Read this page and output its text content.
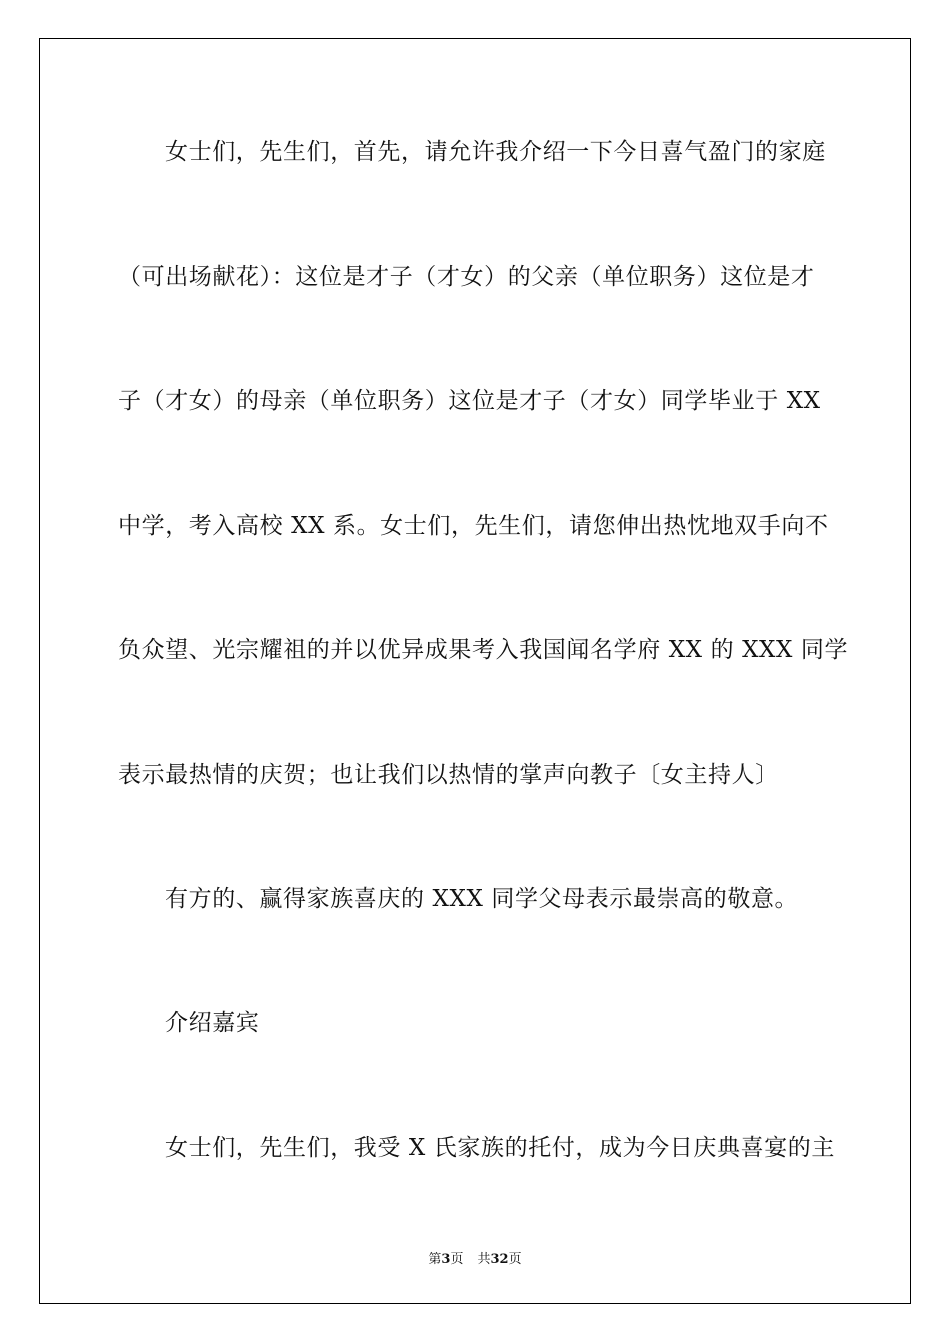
女士们，先生们，首先，请允许我介绍一下今日喜气盈门的家庭
（可出场献花）：这位是才子（才女）的父亲（单位职务）这位是才
子（才女）的母亲（单位职务）这位是才子（才女）同学毕业于 XX
中学，考入高校 XX 系。女士们，先生们，请您伸出热忱地双手向不
负众望、光宗耀祖的并以优异成果考入我国闻名学府 XX 的 XXX 同学
表示最热情的庆贺；也让我们以热情的掌声向教子〔女主持人〕
有方的、赢得家族喜庆的 XXX 同学父母表示最崇高的敬意。
介绍嘉宾
女士们，先生们，我受 X 氏家族的托付，成为今日庆典喜宴的主
第3页 共32页
